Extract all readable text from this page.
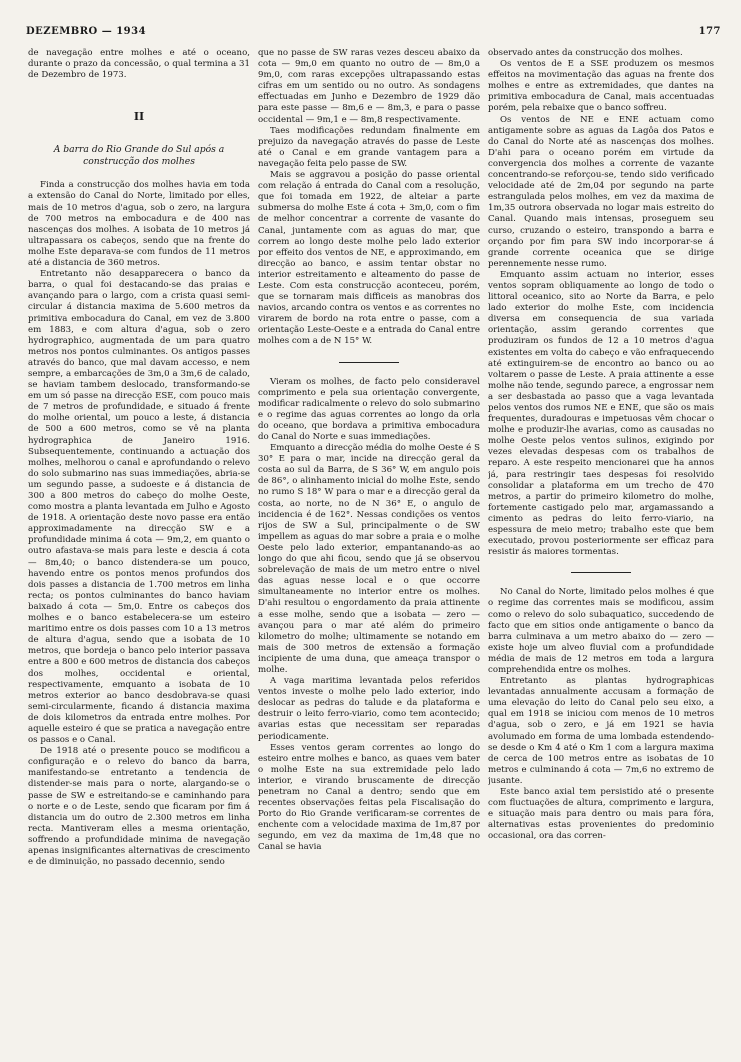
DEZEMBRO — 1934	177

de navegação entre molhes e até o oceano, durante o prazo da concessão, o qual termina a 31 de Dezembro de 1973.

II
A barra do Rio Grande do Sul após a construcção dos molhes

Finda a construcção dos molhes havia em toda a extensão do Canal do Norte, limitado por elles, mais de 10 metros d'agua, sob o zero, na largura de 700 metros na embocadura e de 400 nas nascenças dos molhes. A isobata de 10 metros já ultrapassara os cabeços, sendo que na frente do molhe Este deparava-se com fundos de 11 metros até a distancia de 360 metros.

Entretanto não desapparecera o banco da barra, o qual foi destacando-se das praias e avançando para o largo, com a crista quasi semi-circular á distancia maxima de 5.600 metros da primitiva embocadura do Canal, em vez de 3.800 em 1883, e com altura d'agua, sob o zero hydrographico, augmentada de um para quatro metros nos pontos culminantes. Os antigos passes através do banco, que mal davam accesso, e nem sempre, a embarcações de 3m,0 a 3m,6 de calado, se haviam tambem deslocado, transformando-se em um só passe na direcção ESE, com pouco mais de 7 metros de profundidade, e situado á frente do molhe oriental, um pouco a leste, á distancia de 500 a 600 metros, como se vê na planta hydrographica de Janeiro 1916. Subsequentemente, continuando a actuação dos molhes, melhorou o canal e aprofundando o relevo do solo submarino nas suas immediações, abria-se um segundo passe, a sudoeste e á distancia de 300 a 800 metros do cabeço do molhe Oeste, como mostra a planta levantada em Julho e Agosto de 1918. A orientação deste novo passe era então approximadamente na direcção SW e a profundidade minima á cota — 9m,2, em quanto o outro afastava-se mais para leste e descia á cota — 8m,40; o banco distendera-se um pouco, havendo entre os pontos menos profundos dos dois passes a distancia de 1.700 metros em linha recta; os pontos culminantes do banco haviam baixado á cota — 5m,0. Entre os cabeços dos molhes e o banco estabelecera-se um esteiro maritimo entre os dois passes com 10 a 13 metros de altura d'agua, sendo que a isobata de 10 metros, que bordeja o banco pelo interior passava entre a 800 e 600 metros de distancia dos cabeços dos molhes, occidental e oriental, respectivamente, emquanto a isobata de 10 metros exterior ao banco desdobrava-se quasi semi-circularmente, ficando á distancia maxima de dois kilometros da entrada entre molhes. Por aquelle esteiro é que se pratica a navegação entre os passos e o Canal.

De 1918 até o presente pouco se modificou a configuração e o relevo do banco da barra, manifestando-se entretanto a tendencia de distender-se mais para o norte, alargando-se o passe de SW e estreitando-se e caminhando para o norte e o de Leste, sendo que ficaram por fim á distancia um do outro de 2.300 metros em linha recta. Mantiveram elles a mesma orientação, soffrendo a profundidade minima de navegação apenas insignificantes alternativas de crescimento e de diminuição, no passado decennio, sendo

que no passe de SW raras vezes desceu abaixo da cota — 9m,0 em quanto no outro de — 8m,0 a 9m,0, com raras excepções ultrapassando estas cifras em um sentido ou no outro. As sondagens effectuadas em Junho e Dezembro de 1929 dão para este passe — 8m,6 e — 8m,3, e para o passe occidental — 9m,1 e — 8m,8 respectivamente.

Taes modificações redundam finalmente em prejuizo da navegação através do passe de Leste até o Canal e em grande vantagem para a navegação feita pelo passe de SW.

Mais se aggravou a posição do passe oriental com relação á entrada do Canal com a resolução, que foi tomada em 1922, de alteiar a parte submersa do molhe Este á cota + 3m,0, com o fim de melhor concentrar a corrente de vasante do Canal, juntamente com as aguas do mar, que correm ao longo deste molhe pelo lado exterior por effeito dos ventos de NE, e approximando, em direcção ao banco, e assim tentar obstar no interior estreitamento e alteamento do passe de Leste. Com esta construcção aconteceu, porém, que se tornaram mais difficeis as manobras dos navios, arcando contra os ventos e as correntes no virarem de bordo na rota entre o passe, com a orientação Leste-Oeste e a entrada do Canal entre molhes com a de N 15° W.

Vieram os molhes, de facto pelo consideravel comprimento e pela sua orientação convergente, modificar radicalmente o relevo do solo submarino e o regime das aguas correntes ao longo da orla do oceano, que bordava a primitiva embocadura do Canal do Norte e suas immediações.

Emquanto a direcção média do molhe Oeste é S 30° E para o mar, incide na direcção geral da costa ao sul da Barra, de S 36° W, em angulo pois de 86°, o alinhamento inicial do molhe Este, sendo no rumo S 18° W para o mar e a direcção geral da costa, ao norte, no de N 36° E, o angulo de incidencia é de 162°. Nessas condições os ventos rijos de SW a Sul, principalmente o de SW impellem as aguas do mar sobre a praia e o molhe Oeste pelo lado exterior, empantanando-as ao longo do que ahi ficou, sendo que já se observou sobrelevação de mais de um metro entre o nivel das aguas nesse local e o que occorre simultaneamente no interior entre os molhes. D'ahi resultou o engordamento da praia attinente a esse molhe, sendo que a isobata — zero — avançou para o mar até além do primeiro kilometro do molhe; ultimamente se notando em mais de 300 metros de extensão a formação incipiente de uma duna, que ameaça transpor o molhe.

A vaga maritima levantada pelos referidos ventos investe o molhe pelo lado exterior, indo deslocar as pedras do talude e da plataforma e destruir o leito ferro-viario, como tem acontecido; avarias estas que necessitam ser reparadas periodicamente.

Esses ventos geram correntes ao longo do esteiro entre molhes e banco, as quaes vem bater o molhe Este na sua extremidade pelo lado interior, e virando bruscamente de direcção penetram no Canal a dentro; sendo que em recentes observações feitas pela Fiscalisação do Porto do Rio Grande verificaram-se correntes de enchente com a velocidade maxima de 1m,87 por segundo, em vez da maxima de 1m,48 que no Canal se havia

observado antes da construcção dos molhes.

Os ventos de E a SSE produzem os mesmos effeitos na movimentação das aguas na frente dos molhes e entre as extremidades, que dantes na primitiva embocadura de Canal, mais accentuadas porém, pela rebaixe que o banco soffreu.

Os ventos de NE e ENE actuam como antigamente sobre as aguas da Lagôa dos Patos e do Canal do Norte até as nascenças dos molhes. D'ahi para o oceano porém em virtude da convergencia dos molhes a corrente de vazante concentrando-se reforçou-se, tendo sido verificado velocidade até de 2m,04 por segundo na parte estrangulada pelos molhes, em vez da maxima de 1m,35 outrora observada no logar mais estreito do Canal. Quando mais intensas, proseguem seu curso, cruzando o esteiro, transpondo a barra e orçando por fim para SW indo incorporar-se á grande corrente oceanica que se dirige perennemente nesse rumo.

Emquanto assim actuam no interior, esses ventos sopram obliquamente ao longo de todo o littoral oceanico, sito ao Norte da Barra, e pelo lado exterior do molhe Este, com incidencia diversa em consequencia de sua variada orientação, assim gerando correntes que produziram os fundos de 12 a 10 metros d'agua existentes em volta do cabeço e vão enfraquecendo até extinguirem-se de encontro ao banco ou ao voltarem o passe de Leste. A praia attinente a esse molhe não tende, segundo parece, a engrossar nem a ser desbastada ao passo que a vaga levantada pelos ventos dos rumos NE e ENE, que são os mais frequentes, duradouras e impetuosas vêm chocar o molhe e produzir-lhe avarias, como as causadas no molhe Oeste pelos ventos sulinos, exigindo por vezes elevadas despesas com os trabalhos de reparo. A este respeito mencionarei que ha annos já, para restringir taes despesas foi resolvido consolidar a plataforma em um trecho de 470 metros, a partir do primeiro kilometro do molhe, fortemente castigado pelo mar, argamassando a cimento as pedras do leito ferro-viario, na espessura de meio metro; trabalho este que bem executado, provou posteriormente ser efficaz para resistir ás maiores tormentas.

No Canal do Norte, limitado pelos molhes é que o regime das correntes mais se modificou, assim como o relevo do solo subaquatico, succedendo de facto que em sitios onde antigamente o banco da barra culminava a um metro abaixo do — zero — existe hoje um alveo fluvial com a profundidade média de mais de 12 metros em toda a largura comprehendida entre os molhes.

Entretanto as plantas hydrographicas levantadas annualmente accusam a formação de uma elevação do leito do Canal pelo seu eixo, a qual em 1918 se iniciou com menos de 10 metros d'agua, sob o zero, e já em 1921 se havia avolumado em forma de uma lombada estendendo-se desde o Km 4 até o Km 1 com a largura maxima de cerca de 100 metros entre as isobatas de 10 metros e culminando á cota — 7m,6 no extremo de jusante.

Este banco axial tem persistido até o presente com fluctuações de altura, comprimento e largura, e situação mais para dentro ou mais para fóra, alternativas estas provenientes do predominio occasional, ora das corren-
